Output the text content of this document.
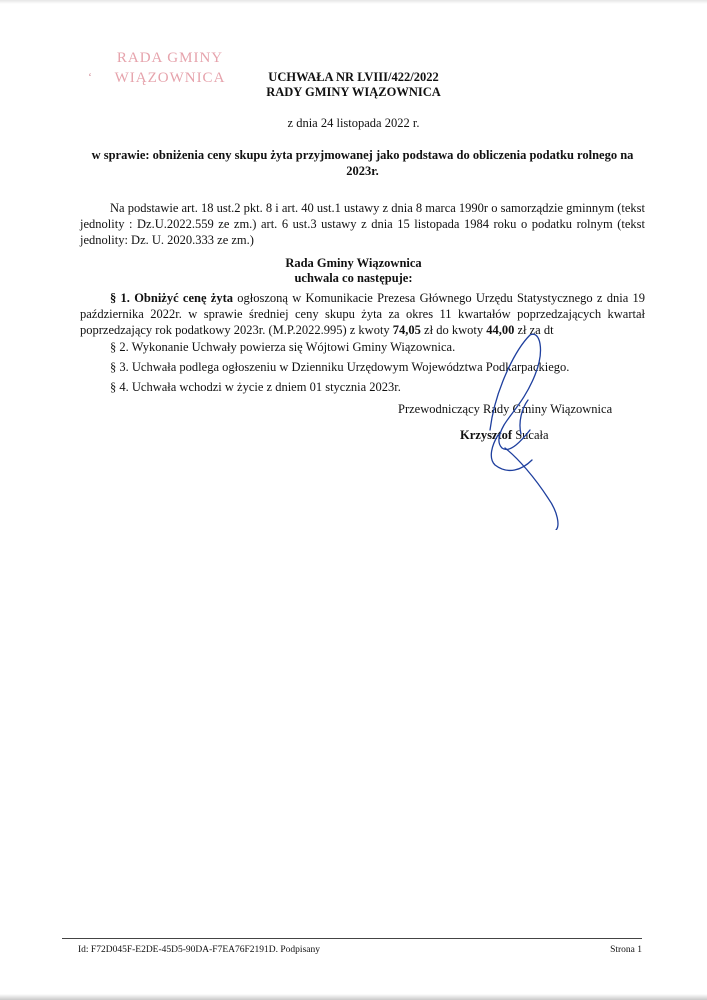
‘
RADA GMINY
WIĄZOWNICA	UCHWAŁA NR LVIII/422/2022
RADY GMINY WIĄZOWNICA
z dnia 24 listopada 2022 r.
w sprawie: obniżenia ceny skupu żyta przyjmowanej jako podstawa do obliczenia podatku rolnego na 2023r.
Na podstawie art. 18 ust.2 pkt. 8 i art. 40 ust.1 ustawy z dnia 8 marca 1990r o samorządzie gminnym (tekst jednolity : Dz.U.2022.559 ze zm.) art. 6 ust.3 ustawy z dnia 15 listopada 1984 roku o podatku rolnym (tekst jednolity: Dz. U. 2020.333 ze zm.)
Rada Gminy Wiązownica
uchwala co następuje:
§ 1. Obniżyć cenę żyta ogłoszoną w Komunikacie Prezesa Głównego Urzędu Statystycznego z dnia 19 października 2022r. w sprawie średniej ceny skupu żyta za okres 11 kwartałów poprzedzających kwartał poprzedzający rok podatkowy 2023r. (M.P.2022.995) z kwoty 74,05 zł do kwoty 44,00 zł za dt
§ 2. Wykonanie Uchwały powierza się Wójtowi Gminy Wiązownica.
§ 3. Uchwała podlega ogłoszeniu w Dzienniku Urzędowym Województwa Podkarpackiego.
§ 4. Uchwała wchodzi w życie z dniem 01 stycznia 2023r.
Przewodniczący Rady Gminy Wiązownica
Krzysztof Sucała
Id: F72D045F-E2DE-45D5-90DA-F7EA76F2191D. Podpisany	Strona 1
